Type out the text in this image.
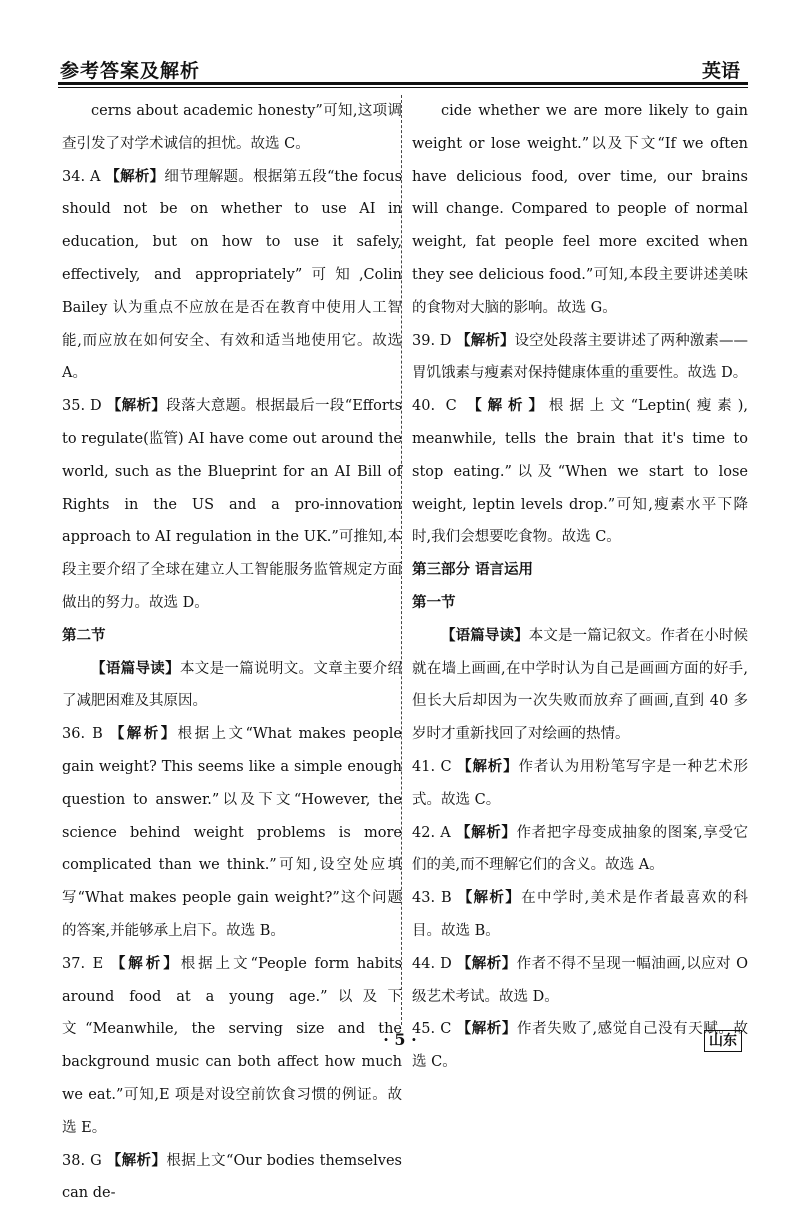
参考答案及解析	英语
cerns about academic honesty”可知,这项调查引发了对学术诚信的担忧。故选 C。
34. A 【解析】细节理解题。根据第五段“the focus should not be on whether to use AI in education, but on how to use it safely, effectively, and appropriately”可知,Colin Bailey 认为重点不应放在是否在教育中使用人工智能,而应放在如何安全、有效和适当地使用它。故选 A。
35. D 【解析】段落大意题。根据最后一段“Efforts to regulate(监管) AI have come out around the world, such as the Blueprint for an AI Bill of Rights in the US and a pro-innovation approach to AI regulation in the UK.”可推知,本段主要介绍了全球在建立人工智能服务监管规定方面做出的努力。故选 D。
第二节
【语篇导读】本文是一篇说明文。文章主要介绍了减肥困难及其原因。
36. B 【解析】根据上文“What makes people gain weight? This seems like a simple enough question to answer.”以及下文“However, the science behind weight problems is more complicated than we think.”可知,设空处应填写“What makes people gain weight?”这个问题的答案,并能够承上启下。故选 B。
37. E 【解析】根据上文“People form habits around food at a young age.”以及下文“Meanwhile, the serving size and the background music can both affect how much we eat.”可知,E 项是对设空前饮食习惯的例证。故选 E。
38. G 【解析】根据上文“Our bodies themselves can de-
cide whether we are more likely to gain weight or lose weight.”以及下文“If we often have delicious food, over time, our brains will change. Compared to people of normal weight, fat people feel more excited when they see delicious food.”可知,本段主要讲述美味的食物对大脑的影响。故选 G。
39. D 【解析】设空处段落主要讲述了两种激素——胃饥饿素与瘦素对保持健康体重的重要性。故选 D。
40. C 【解析】根据上文“Leptin(瘦素), meanwhile, tells the brain that it's time to stop eating.”以及“When we start to lose weight, leptin levels drop.”可知,瘦素水平下降时,我们会想要吃食物。故选 C。
第三部分 语言运用
第一节
【语篇导读】本文是一篇记叙文。作者在小时候就在墙上画画,在中学时认为自己是画画方面的好手,但长大后却因为一次失败而放弃了画画,直到 40 多岁时才重新找回了对绘画的热情。
41. C 【解析】作者认为用粉笔写字是一种艺术形式。故选 C。
42. A 【解析】作者把字母变成抽象的图案,享受它们的美,而不理解它们的含义。故选 A。
43. B 【解析】在中学时,美术是作者最喜欢的科目。故选 B。
44. D 【解析】作者不得不呈现一幅油画,以应对 O 级艺术考试。故选 D。
45. C 【解析】作者失败了,感觉自己没有天赋。故选 C。
· 5 ·	山东
